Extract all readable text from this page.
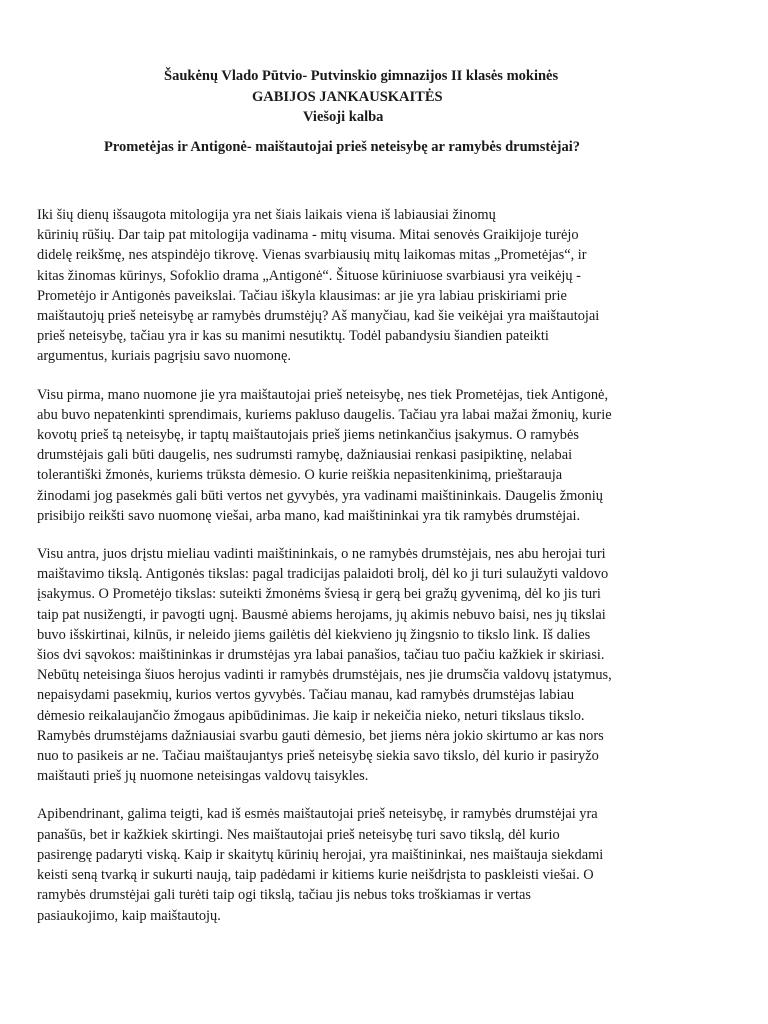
Šaukėnų Vlado Pūtvio- Putvinskio gimnazijos II klasės mokinės
GABIJOS JANKAUSKAITĖS
Viešoji kalba
Prometėjas ir Antigonė- maištautojai prieš neteisybę ar ramybės drumstėjai?
Iki šių dienų išsaugota mitologija yra net šiais laikais viena iš labiausiai žinomų
kūrinių rūšių. Dar taip pat mitologija vadinama - mitų visuma. Mitai senovės Graikijoje turėjo
didelę reikšmę, nes atspindėjo tikrovę. Vienas svarbiausių mitų laikomas mitas „Prometėjas“, ir
kitas žinomas kūrinys, Sofoklio drama „Antigonė“. Šituose kūriniuose svarbiausi yra veikėjų -
Prometėjo ir Antigonės paveikslai. Tačiau iškyla klausimas: ar jie yra labiau priskiriami prie
maištautojų prieš neteisybę ar ramybės drumstėjų? Aš manyčiau, kad šie veikėjai yra maištautojai
prieš neteisybę, tačiau yra ir kas su manimi nesutiktų. Todėl pabandysiu šiandien pateikti
argumentus, kuriais pagrįsiu savo nuomonę.
Visu pirma, mano nuomone jie yra maištautojai prieš neteisybę, nes tiek Prometėjas, tiek Antigonė,
abu buvo nepatenkinti sprendimais, kuriems pakluso daugelis. Tačiau yra labai mažai žmonių, kurie
kovotų prieš tą neteisybę, ir taptų maištautojais prieš jiems netinkančius įsakymus. O ramybės
drumstėjais gali būti daugelis, nes sudrumsti ramybę, dažniausiai renkasi pasipiktinę, nelabai
tolerantiški žmonės, kuriems trūksta dėmesio. O kurie reiškia nepasitenkinimą, prieštarauja
žinodami jog pasekmės gali būti vertos net gyvybės, yra vadinami maištininkais. Daugelis žmonių
prisibijo reikšti savo nuomonę viešai, arba mano, kad maištininkai yra tik ramybės drumstėjai.
Visu antra, juos drįstu mieliau vadinti maištininkais, o ne ramybės drumstėjais, nes abu herojai turi
maištavimo tikslą. Antigonės tikslas: pagal tradicijas palaidoti brolį, dėl ko ji turi sulaužyti valdovo
įsakymus. O Prometėjo tikslas: suteikti žmonėms šviesą ir gerą bei gražų gyvenimą, dėl ko jis turi
taip pat nusižengti, ir pavogti ugnį. Bausmė abiems herojams, jų akimis nebuvo baisi, nes jų tikslai
buvo išskirtinai, kilnūs, ir neleido jiems gailėtis dėl kiekvieno jų žingsnio to tikslo link. Iš dalies
šios dvi sąvokos: maištininkas ir drumstėjas yra labai panašios, tačiau tuo pačiu kažkiek ir skiriasi.
Nebūtų neteisinga šiuos herojus vadinti ir ramybės drumstėjais, nes jie drumsčia valdovų įstatymus,
nepaisydami pasekmių, kurios vertos gyvybės. Tačiau manau, kad ramybės drumstėjas labiau
dėmesio reikalaujančio žmogaus apibūdinimas. Jie kaip ir nekeičia nieko, neturi tikslaus tikslo.
Ramybės drumstėjams dažniausiai svarbu gauti dėmesio, bet jiems nėra jokio skirtumo ar kas nors
nuo to pasikeis ar ne. Tačiau maištaujantys prieš neteisybę siekia savo tikslo, dėl kurio ir pasiryžo
maištauti prieš jų nuomone neteisingas valdovų taisykles.
Apibendrinant, galima teigti, kad iš esmės maištautojai prieš neteisybę, ir ramybės drumstėjai yra
panašūs, bet ir kažkiek skirtingi. Nes maištautojai prieš neteisybę turi savo tikslą, dėl kurio
pasirengę padaryti viską. Kaip ir skaitytų kūrinių herojai, yra maištininkai, nes maištauja siekdami
keisti seną tvarką ir sukurti naują, taip padėdami ir kitiems kurie neišdrįsta to paskleisti viešai. O
ramybės drumstėjai gali turėti taip ogi tikslą, tačiau jis nebus toks troškiamas ir vertas
pasiaukojimo, kaip maištautojų.
